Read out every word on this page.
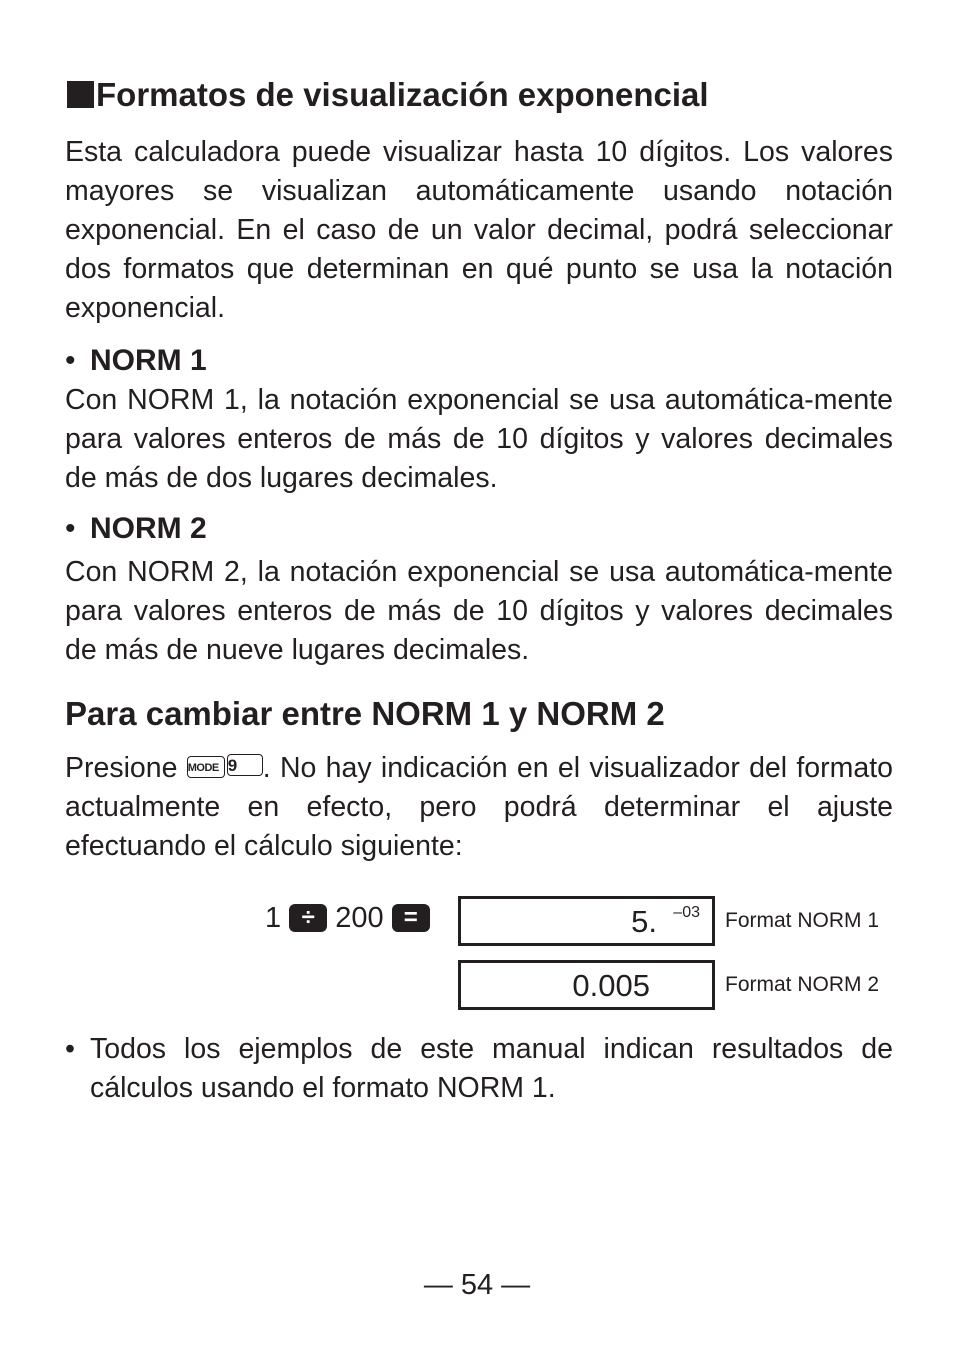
Formatos de visualización exponencial
Esta calculadora puede visualizar hasta 10 dígitos. Los valores mayores se visualizan automáticamente usando notación exponencial. En el caso de un valor decimal, podrá seleccionar dos formatos que determinan en qué punto se usa la notación exponencial.
• NORM 1
Con NORM 1, la notación exponencial se usa automática-mente para valores enteros de más de 10 dígitos y valores decimales de más de dos lugares decimales.
• NORM 2
Con NORM 2, la notación exponencial se usa automática-mente para valores enteros de más de 10 dígitos y valores decimales de más de nueve lugares decimales.
Para cambiar entre NORM 1 y NORM 2
Presione MODE 9 . No hay indicación en el visualizador del formato actualmente en efecto, pero podrá determinar el ajuste efectuando el cálculo siguiente:
1 ÷ 200 =	5. –03 Format NORM 1
0.005	Format NORM 2
• Todos los ejemplos de este manual indican resultados de cálculos usando el formato NORM 1.
— 54 —
